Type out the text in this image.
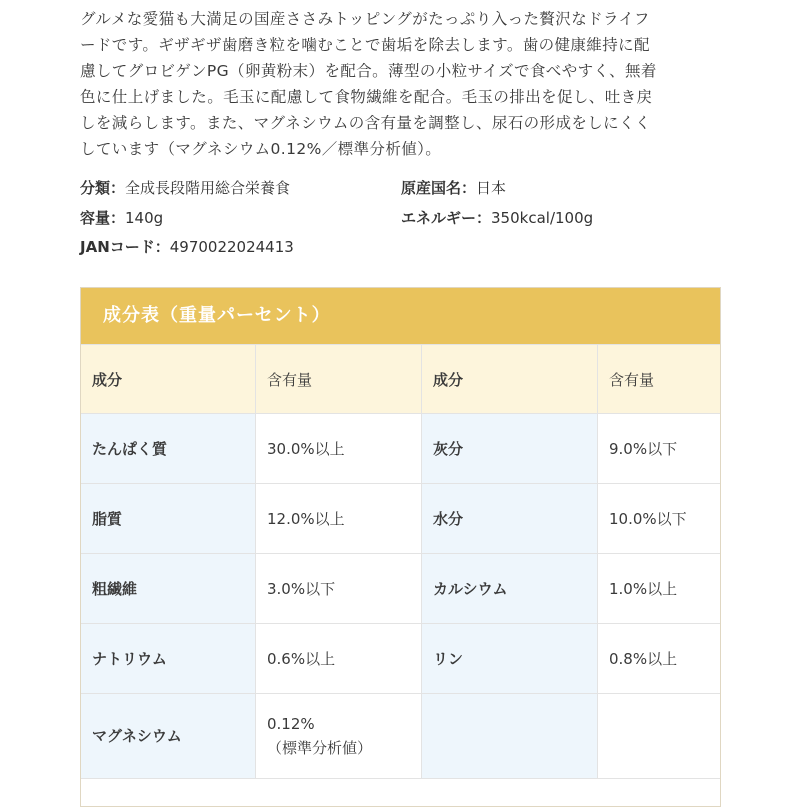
グルメな愛猫も大満足の国産ささみトッピングがたっぷり入った贅沢なドライフ
ードです。ギザギザ歯磨き粒を噛むことで歯垢を除去します。歯の健康維持に配
慮してグロビゲンPG（卵黄粉末）を配合。薄型の小粒サイズで食べやすく、無着
色に仕上げました。毛玉に配慮して食物繊維を配合。毛玉の排出を促し、吐き戻
しを減らします。また、マグネシウムの含有量を調整し、尿石の形成をしにくく
しています（マグネシウム0.12%／標準分析値）。
分類：全成長段階用総合栄養食	原産国名：日本
容量：140g	エネルギー：350kcal/100g
JANコード：4970022024413
成分表（重量パーセント）
成分	含有量	成分	含有量
たんぱく質	30.0%以上	灰分	9.0%以下
脂質	12.0%以上	水分	10.0%以下
粗繊維	3.0%以下	カルシウム	1.0%以上
ナトリウム	0.6%以上	リン	0.8%以上
マグネシウム	0.12%
（標準分析値）		
